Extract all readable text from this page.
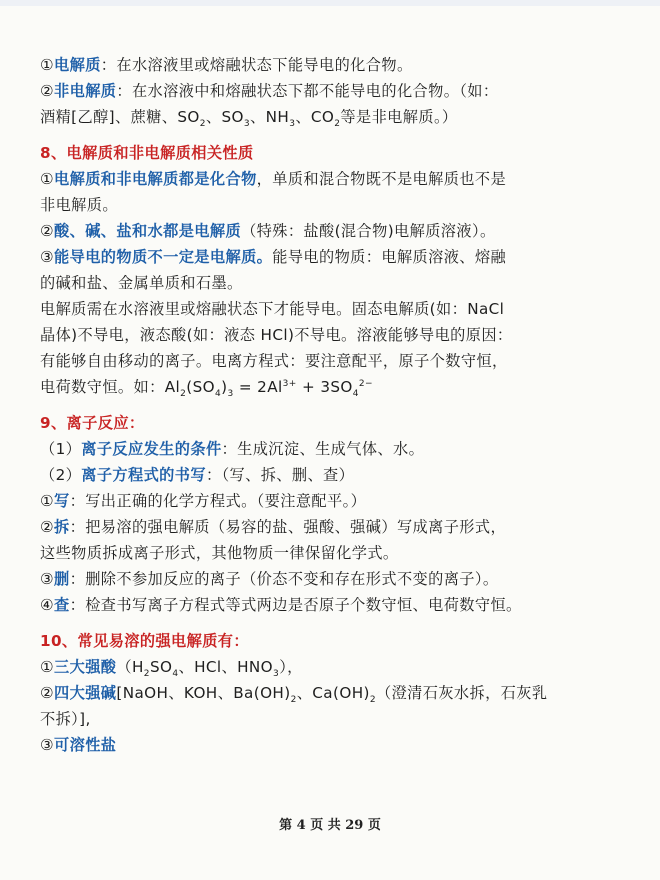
①电解质：在水溶液里或熔融状态下能导电的化合物。
②非电解质：在水溶液中和熔融状态下都不能导电的化合物。（如：
酒精[乙醇]、蔗糖、$SO_2$、$SO_3$、$NH_3$、$CO_2$等是非电解质。）
8、电解质和非电解质相关性质
①电解质和非电解质都是化合物，单质和混合物既不是电解质也不是
非电解质。
②酸、碱、盐和水都是电解质（特殊：盐酸(混合物)电解质溶液）。
③能导电的物质不一定是电解质。能导电的物质：电解质溶液、熔融
的碱和盐、金属单质和石墨。
电解质需在水溶液里或熔融状态下才能导电。固态电解质(如：NaCl
晶体)不导电，液态酸(如：液态 HCl)不导电。溶液能够导电的原因：
有能够自由移动的离子。电离方程式：要注意配平，原子个数守恒，
电荷数守恒。如：$Al_2(SO_4)_3 = 2Al^{3+} + 3SO_4^{2-}$
9、离子反应：
（1）离子反应发生的条件：生成沉淀、生成气体、水。
（2）离子方程式的书写：（写、拆、删、查）
①写：写出正确的化学方程式。（要注意配平。）
②拆：把易溶的强电解质（易容的盐、强酸、强碱）写成离子形式，
这些物质拆成离子形式，其他物质一律保留化学式。
③删：删除不参加反应的离子（价态不变和存在形式不变的离子）。
④查：检查书写离子方程式等式两边是否原子个数守恒、电荷数守恒。
10、常见易溶的强电解质有：
①三大强酸（$H_2SO_4$、HCl、$HNO_3$），
②四大强碱[NaOH、KOH、$Ba(OH)_2$、$Ca(OH)_2$（澄清石灰水拆，石灰乳
不拆）],
③可溶性盐
第 4 页 共 29 页
